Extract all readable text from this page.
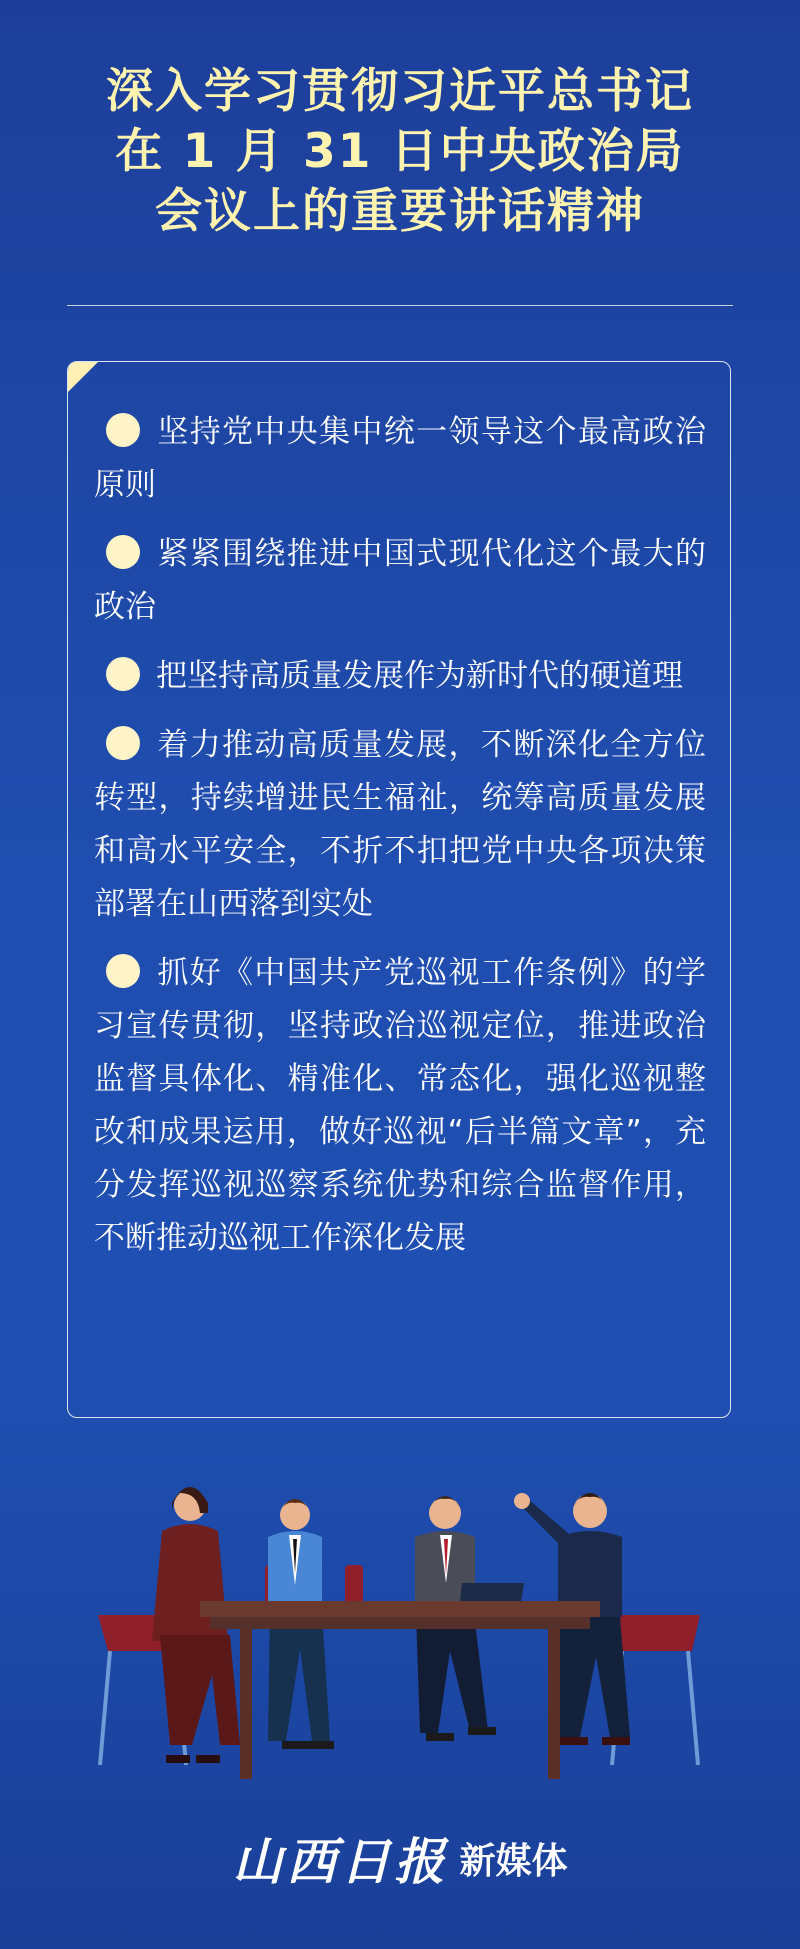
深入学习贯彻习近平总书记
在 1 月 31 日中央政治局
会议上的重要讲话精神
坚持党中央集中统一领导这个最高政治原则
紧紧围绕推进中国式现代化这个最大的政治
把坚持高质量发展作为新时代的硬道理
着力推动高质量发展，不断深化全方位转型，持续增进民生福祉，统筹高质量发展和高水平安全，不折不扣把党中央各项决策部署在山西落到实处
抓好《中国共产党巡视工作条例》的学习宣传贯彻，坚持政治巡视定位，推进政治监督具体化、精准化、常态化，强化巡视整改和成果运用，做好巡视“后半篇文章”，充分发挥巡视巡察系统优势和综合监督作用，不断推动巡视工作深化发展
山西日报 新媒体
